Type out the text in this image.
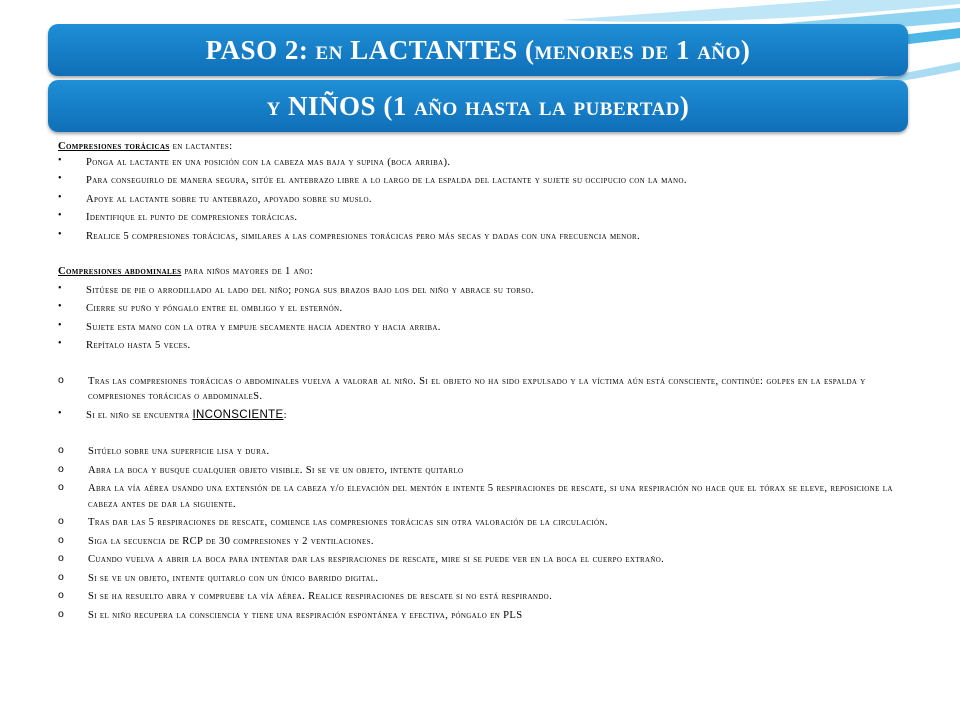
PASO 2: en LACTANTES (menores de 1 año)
y NIÑOS (1 año hasta la pubertad)

Compresiones torácicas en lactantes:

•	Ponga al lactante en una posición con la cabeza mas baja y supina (boca arriba).
•	Para conseguirlo de manera segura, sitúe el antebrazo libre a lo largo de la espalda del lactante y sujete su occipucio con la mano.
•	Apoye al lactante sobre tu antebrazo, apoyado sobre su muslo.
•	Identifique el punto de compresiones torácicas.
•	Realice 5 compresiones torácicas, similares a las compresiones torácicas pero más secas y dadas con una frecuencia menor.

Compresiones abdominales para niños mayores de 1 año:

•	Sitúese de pie o arrodillado al lado del niño; ponga sus brazos bajo los del niño y abrace su torso.
•	Cierre su puño y póngalo entre el ombligo y el esternón.
•	Sujete esta mano con la otra y empuje secamente hacia adentro y hacia arriba.
•	Repítalo hasta 5 veces.
o	Tras las compresiones torácicas o abdominales vuelva a valorar al niño. Si el objeto no ha sido expulsado y la víctima aún está consciente, continúe: golpes en la espalda y compresiones torácicas o abdominaleS.
•	Si el niño se encuentra INCONSCIENTE:
o	Sitúelo sobre una superficie lisa y dura.
o	Abra la boca y busque cualquier objeto visible. Si se ve un objeto, intente quitarlo
o	Abra la vía aérea usando una extensión de la cabeza y/o elevación del mentón e intente 5 respiraciones de rescate, si una respiración no hace que el tórax se eleve, reposicione la cabeza antes de dar la siguiente.
o	Tras dar las 5 respiraciones de rescate, comience las compresiones torácicas sin otra valoración de la circulación.
o	Siga la secuencia de RCP de 30 compresiones y 2 ventilaciones.
o	Cuando vuelva a abrir la boca para intentar dar las respiraciones de rescate, mire si se puede ver en la boca el cuerpo extraño.
o	Si se ve un objeto, intente quitarlo con un único barrido digital.
o	Si se ha resuelto abra y compruebe la vía aérea. Realice respiraciones de rescate si no está respirando.
o	Si el niño recupera la consciencia y tiene una respiración espontánea y efectiva, póngalo en PLS
